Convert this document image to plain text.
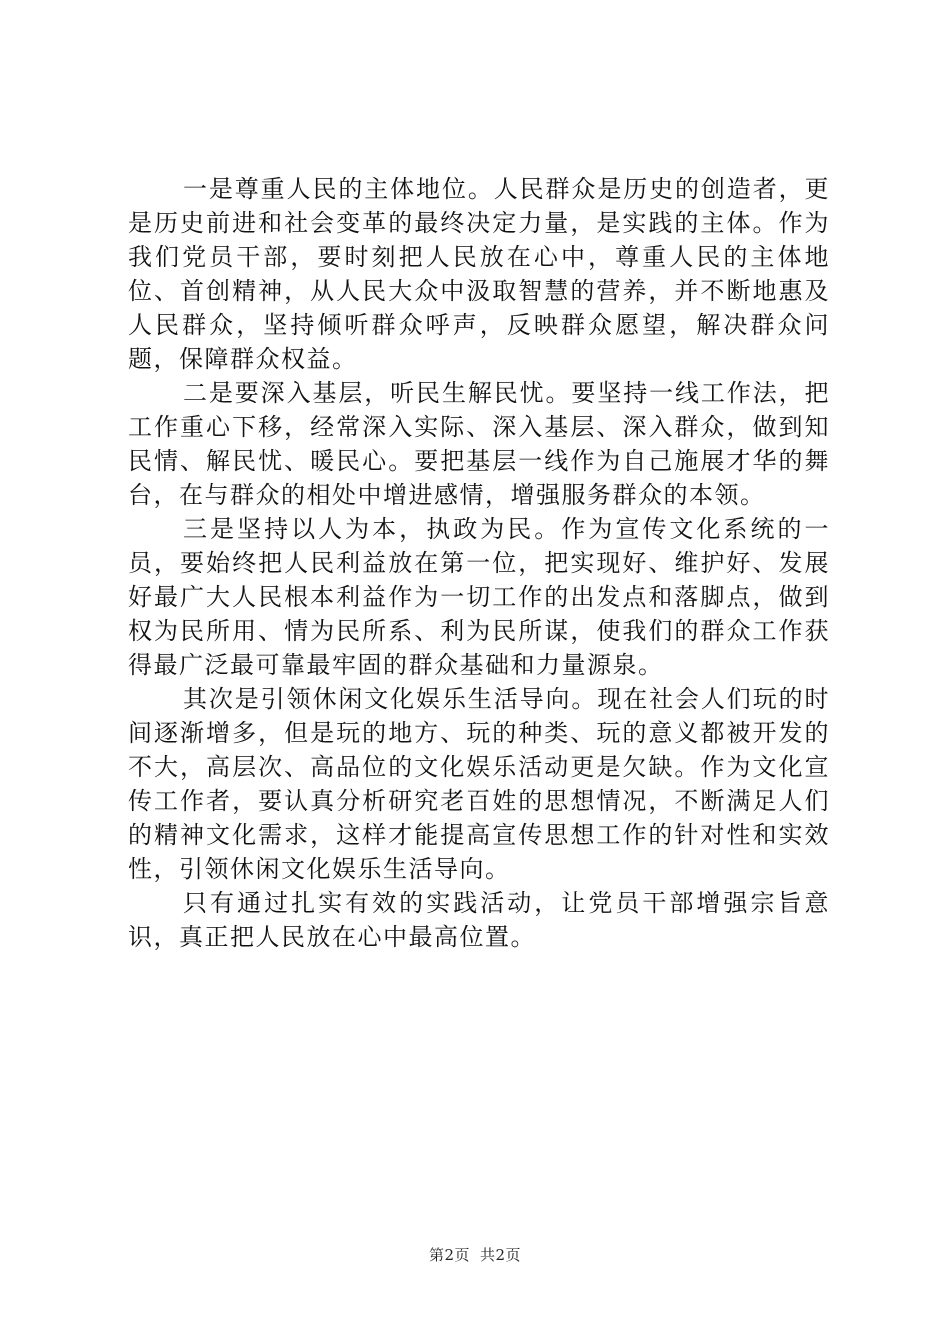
一是尊重人民的主体地位。人民群众是历史的创造者，更是历史前进和社会变革的最终决定力量，是实践的主体。作为我们党员干部，要时刻把人民放在心中，尊重人民的主体地位、首创精神，从人民大众中汲取智慧的营养，并不断地惠及人民群众，坚持倾听群众呼声，反映群众愿望，解决群众问题，保障群众权益。

二是要深入基层，听民生解民忧。要坚持一线工作法，把工作重心下移，经常深入实际、深入基层、深入群众，做到知民情、解民忧、暖民心。要把基层一线作为自己施展才华的舞台，在与群众的相处中增进感情，增强服务群众的本领。

三是坚持以人为本，执政为民。作为宣传文化系统的一员，要始终把人民利益放在第一位，把实现好、维护好、发展好最广大人民根本利益作为一切工作的出发点和落脚点，做到权为民所用、情为民所系、利为民所谋，使我们的群众工作获得最广泛最可靠最牢固的群众基础和力量源泉。

其次是引领休闲文化娱乐生活导向。现在社会人们玩的时间逐渐增多，但是玩的地方、玩的种类、玩的意义都被开发的不大，高层次、高品位的文化娱乐活动更是欠缺。作为文化宣传工作者，要认真分析研究老百姓的思想情况，不断满足人们的精神文化需求，这样才能提高宣传思想工作的针对性和实效性，引领休闲文化娱乐生活导向。

只有通过扎实有效的实践活动，让党员干部增强宗旨意识，真正把人民放在心中最高位置。

第2页 共2页
